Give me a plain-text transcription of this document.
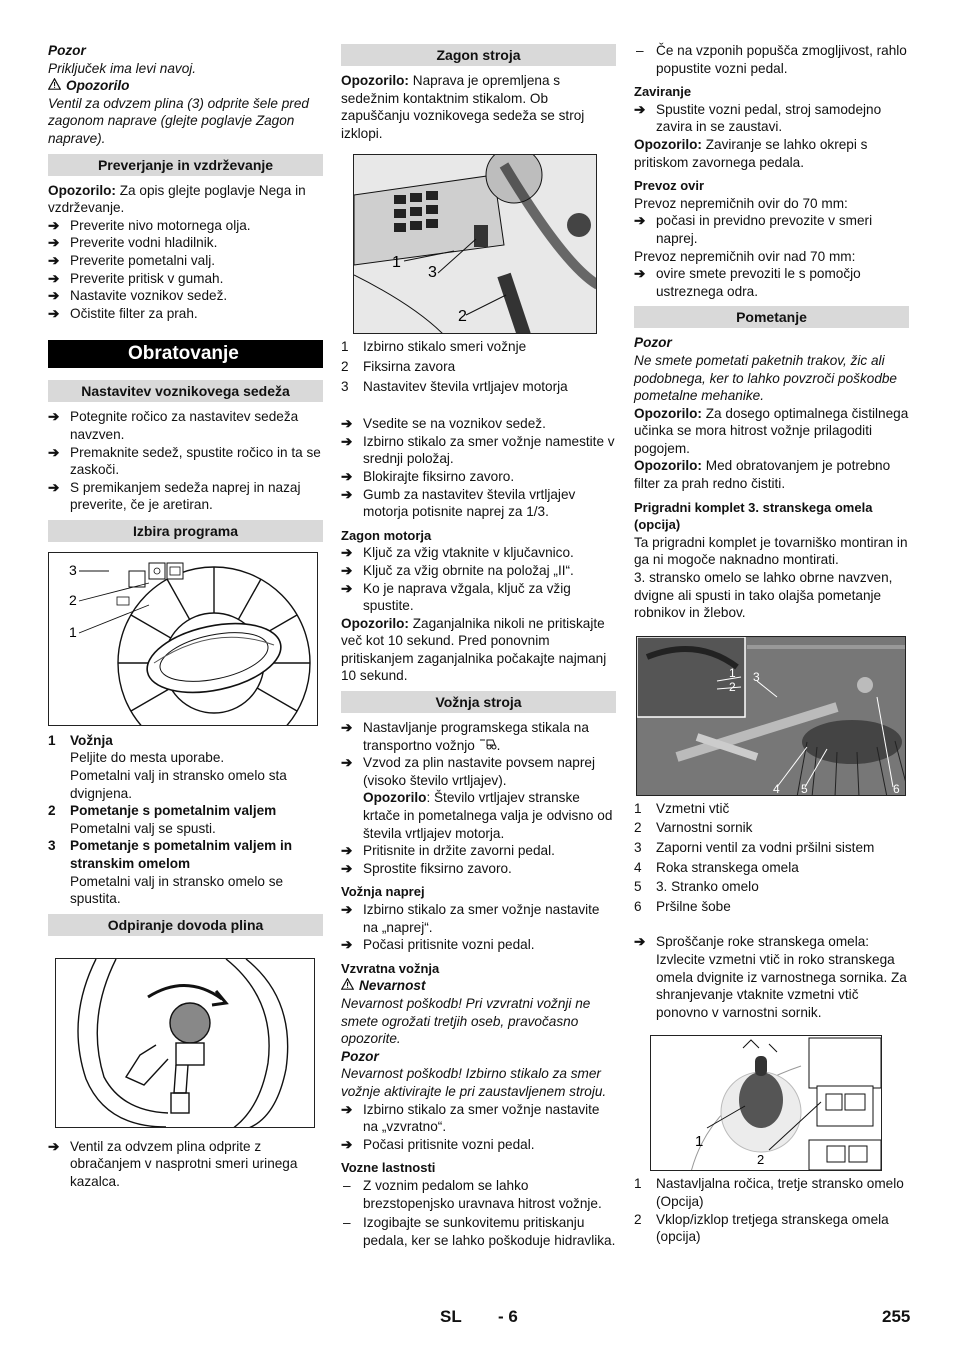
Pozor

Priključek ima levi navoj.

Opozorilo

Ventil za odvzem plina (3) odprite šele pred zagonom naprave (glejte poglavje Zagon naprave).

Preverjanje in vzdrževanje

Opozorilo: Za opis glejte poglavje Nega in vzdrževanje.

➔ Preverite nivo motornega olja.
➔ Preverite vodni hladilnik.
➔ Preverite pometalni valj.
➔ Preverite pritisk v gumah.
➔ Nastavite voznikov sedež.
➔ Očistite filter za prah.
Obratovanje
Nastavitev voznikovega sedeža
➔ Potegnite ročico za nastavitev sedeža navzven.
➔ Premaknite sedež, spustite ročico in ta se zaskoči.
➔ S premikanjem sedeža naprej in nazaj preverite, če je aretiran.
Izbira programa
3
2
1
1 Vožnja

Peljite do mesta uporabe.

Pometalni valj in stransko omelo sta dvignjena.

2 Pometanje s pometalnim valjem

Pometalni valj se spusti.

3 Pometanje s pometalnim valjem in stranskim omelom

Pometalni valj in stransko omelo se spustita.

Odpiranje dovoda plina
➔ Ventil za odvzem plina odprite z obračanjem v nasprotni smeri urinega kazalca.
Zagon stroja

Opozorilo: Naprava je opremljena s sedežnim kontaktnim stikalom. Ob zapuščanju voznikovega sedeža se stroj izklopi.

1
3
2
1 Izbirno stikalo smeri vožnje
2 Fiksirna zavora
3 Nastavitev števila vrtljajev motorja
➔ Vsedite se na voznikov sedež.
➔ Izbirno stikalo za smer vožnje namestite v srednji položaj.
➔ Blokirajte fiksirno zavoro.
➔ Gumb za nastavitev števila vrtljajev motorja potisnite naprej za 1/3.

Zagon motorja

➔ Ključ za vžig vtaknite v ključavnico.
➔ Ključ za vžig obrnite na položaj „II“.
➔ Ko je naprava vžgala, ključ za vžig spustite.

Opozorilo: Zaganjalnika nikoli ne pritiskajte več kot 10 sekund. Pred ponovnim pritiskanjem zaganjalnika počakajte najmanj 10 sekund.

Vožnja stroja
➔ Nastavljanje programskega stikala na transportno vožnjo .
➔ Vzvod za plin nastavite povsem naprej (visoko število vrtljajev).
Opozorilo: Število vrtljajev stranske krtače in pometalnega valja je odvisno od števila vrtljajev motorja.
➔ Pritisnite in držite zavorni pedal.
➔ Sprostite fiksirno zavoro.

Vožnja naprej

➔ Izbirno stikalo za smer vožnje nastavite na „naprej“.
➔ Počasi pritisnite vozni pedal.

Vzvratna vožnja

Nevarnost

Nevarnost poškodb! Pri vzvratni vožnji ne smete ogrožati tretjih oseb, pravočasno opozorite.

Pozor

Nevarnost poškodb! Izbirno stikalo za smer vožnje aktivirajte le pri zaustavljenem stroju.

➔ Izbirno stikalo za smer vožnje nastavite na „vzvratno“.
➔ Počasi pritisnite vozni pedal.

Vozne lastnosti

– Z voznim pedalom se lahko brezstopenjsko uravnava hitrost vožnje.
– Izogibajte se sunkovitemu pritiskanju pedala, ker se lahko poškoduje hidravlika.
– Če na vzponih popušča zmogljivost, rahlo popustite vozni pedal.

Zaviranje

➔ Spustite vozni pedal, stroj samodejno zavira in se zaustavi.

Opozorilo: Zaviranje se lahko okrepi s pritiskom zavornega pedala.

Prevoz ovir

Prevoz nepremičnih ovir do 70 mm:

➔ počasi in previdno prevozite v smeri naprej.

Prevoz nepremičnih ovir nad 70 mm:

➔ ovire smete prevoziti le s pomočjo ustreznega odra.
Pometanje

Pozor

Ne smete pometati paketnih trakov, žic ali podobnega, ker to lahko povzroči poškodbe pometalne mehanike.

Opozorilo: Za dosego optimalnega čistilnega učinka se mora hitrost vožnje prilagoditi pogojem.

Opozorilo: Med obratovanjem je potrebno filter za prah redno čistiti.

Prigradni komplet 3. stranskega omela (opcija)

Ta prigradni komplet je tovarniško montiran in ga ni mogoče naknadno montirati.

3. stransko omelo se lahko obrne navzven, dvigne ali spusti in tako olajša pometanje robnikov in žlebov.

1
2
3
4 5	6
1 Vzmetni vtič
2 Varnostni sornik
3 Zaporni ventil za vodni pršilni sistem
4 Roka stranskega omela
5 3. Stranko omelo
6 Pršilne šobe
➔ Sproščanje roke stranskega omela: Izvlecite vzmetni vtič in roko stranskega omela dvignite iz varnostnega sornika. Za shranjevanje vtaknite vzmetni vtič ponovno v varnostni sornik.
1
2
1 Nastavljalna ročica, tretje stransko omelo (Opcija)
2 Vklop/izklop tretjega stranskega omela (opcija)
SL - 6	255
